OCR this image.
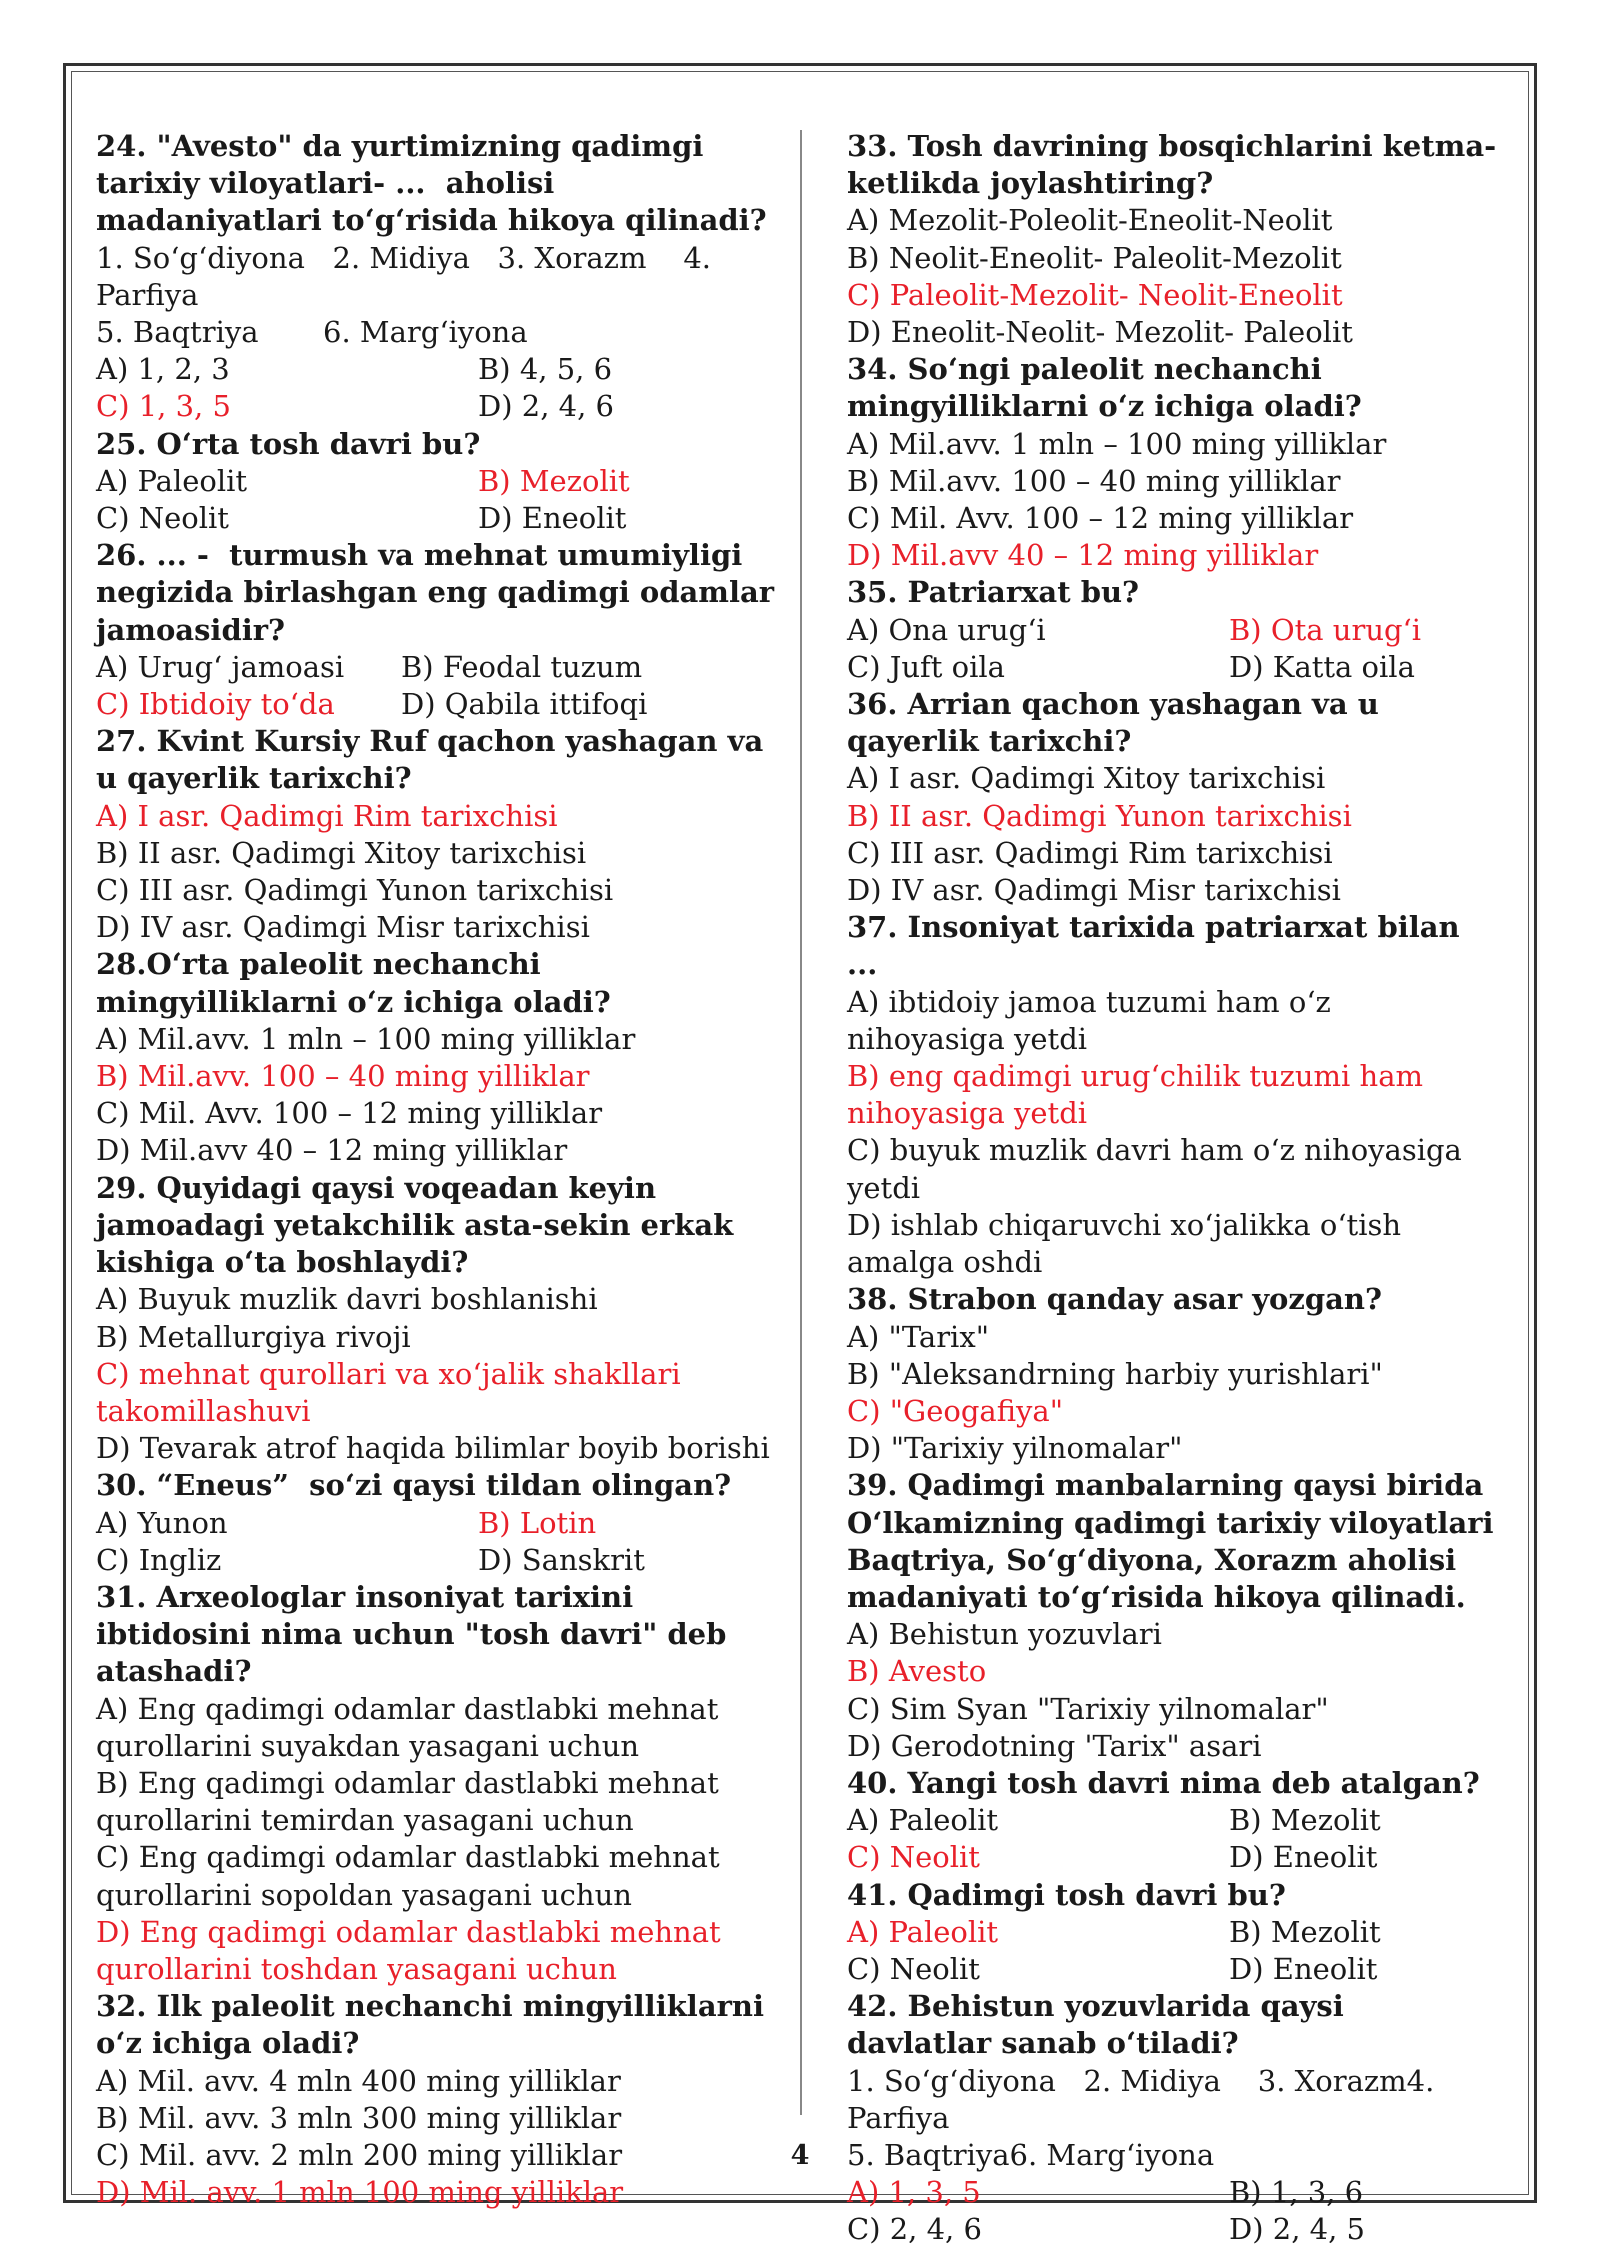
24. "Avesto" da yurtimizning qadimgi tarixiy viloyatlari- ...  aholisi madaniyatlari to‘g‘risida hikoya qilinadi?
1. So‘g‘diyona   2. Midiya   3. Xorazm    4. Parfiya
5. Baqtriya       6. Marg‘iyona
A) 1, 2, 3	B) 4, 5, 6
C) 1, 3, 5	D) 2, 4, 6
25. O‘rta tosh davri bu?
A) Paleolit	B) Mezolit
C) Neolit	D) Eneolit
26. ... -  turmush va mehnat umumiyligi negizida birlashgan eng qadimgi odamlar jamoasidir?
A) Urug‘ jamoasi	B) Feodal tuzum
C) Ibtidoiy to‘da	D) Qabila ittifoqi
27. Kvint Kursiy Ruf qachon yashagan va u qayerlik tarixchi?
A) I asr. Qadimgi Rim tarixchisi
B) II asr. Qadimgi Xitoy tarixchisi
C) III asr. Qadimgi Yunon tarixchisi
D) IV asr. Qadimgi Misr tarixchisi
28.O‘rta paleolit nechanchi mingyilliklarni o‘z ichiga oladi?
A) Mil.avv. 1 mln – 100 ming yilliklar
B) Mil.avv. 100 – 40 ming yilliklar
C) Mil. Avv. 100 – 12 ming yilliklar
D) Mil.avv 40 – 12 ming yilliklar
29. Quyidagi qaysi voqeadan keyin jamoadagi yetakchilik asta-sekin erkak kishiga o‘ta boshlaydi?
A) Buyuk muzlik davri boshlanishi
B) Metallurgiya rivoji
C) mehnat qurollari va xo‘jalik shakllari takomillashuvi
D) Tevarak atrof haqida bilimlar boyib borishi
30. “Eneus”  so‘zi qaysi tildan olingan?
A) Yunon	B) Lotin
C) Ingliz	D) Sanskrit
31. Arxeologlar insoniyat tarixini ibtidosini nima uchun "tosh davri" deb atashadi?
A) Eng qadimgi odamlar dastlabki mehnat qurollarini suyakdan yasagani uchun
B) Eng qadimgi odamlar dastlabki mehnat qurollarini temirdan yasagani uchun
C) Eng qadimgi odamlar dastlabki mehnat qurollarini sopoldan yasagani uchun
D) Eng qadimgi odamlar dastlabki mehnat qurollarini toshdan yasagani uchun
32. Ilk paleolit nechanchi mingyilliklarni o‘z ichiga oladi?
A) Mil. avv. 4 mln 400 ming yilliklar
B) Mil. avv. 3 mln 300 ming yilliklar
C) Mil. avv. 2 mln 200 ming yilliklar
D) Mil. avv. 1 mln 100 ming yilliklar
33. Tosh davrining bosqichlarini ketma-ketlikda joylashtiring?
A) Mezolit-Poleolit-Eneolit-Neolit
B) Neolit-Eneolit- Paleolit-Mezolit
C) Paleolit-Mezolit- Neolit-Eneolit
D) Eneolit-Neolit- Mezolit- Paleolit
34. So‘ngi paleolit nechanchi mingyilliklarni o‘z ichiga oladi?
A) Mil.avv. 1 mln – 100 ming yilliklar
B) Mil.avv. 100 – 40 ming yilliklar
C) Mil. Avv. 100 – 12 ming yilliklar
D) Mil.avv 40 – 12 ming yilliklar
35. Patriarxat bu?
A) Ona urug‘i	B) Ota urug‘i
C) Juft oila	D) Katta oila
36. Arrian qachon yashagan va u qayerlik tarixchi?
A) I asr. Qadimgi Xitoy tarixchisi
B) II asr. Qadimgi Yunon tarixchisi
C) III asr. Qadimgi Rim tarixchisi
D) IV asr. Qadimgi Misr tarixchisi
37. Insoniyat tarixida patriarxat bilan ...
A) ibtidoiy jamoa tuzumi ham o‘z nihoyasiga yetdi
B) eng qadimgi urug‘chilik tuzumi ham nihoyasiga yetdi
C) buyuk muzlik davri ham o‘z nihoyasiga yetdi
D) ishlab chiqaruvchi xo‘jalikka o‘tish amalga oshdi
38. Strabon qanday asar yozgan?
A) "Tarix"
B) "Aleksandrning harbiy yurishlari"
C) "Geogafiya"
D) "Tarixiy yilnomalar"
39. Qadimgi manbalarning qaysi birida O‘lkamizning qadimgi tarixiy viloyatlari Baqtriya, So‘g‘diyona, Xorazm aholisi madaniyati to‘g‘risida hikoya qilinadi.
A) Behistun yozuvlari
B) Avesto
C) Sim Syan "Tarixiy yilnomalar"
D) Gerodotning 'Tarix" asari
40. Yangi tosh davri nima deb atalgan?
A) Paleolit	B) Mezolit
C) Neolit	D) Eneolit
41. Qadimgi tosh davri bu?
A) Paleolit	B) Mezolit
C) Neolit	D) Eneolit
42. Behistun yozuvlarida qaysi davlatlar sanab o‘tiladi?
1. So‘g‘diyona   2. Midiya    3. Xorazm4. Parfiya
5. Baqtriya6. Marg‘iyona
A) 1, 3, 5	B) 1, 3, 6
C) 2, 4, 6	D) 2, 4, 5
4
